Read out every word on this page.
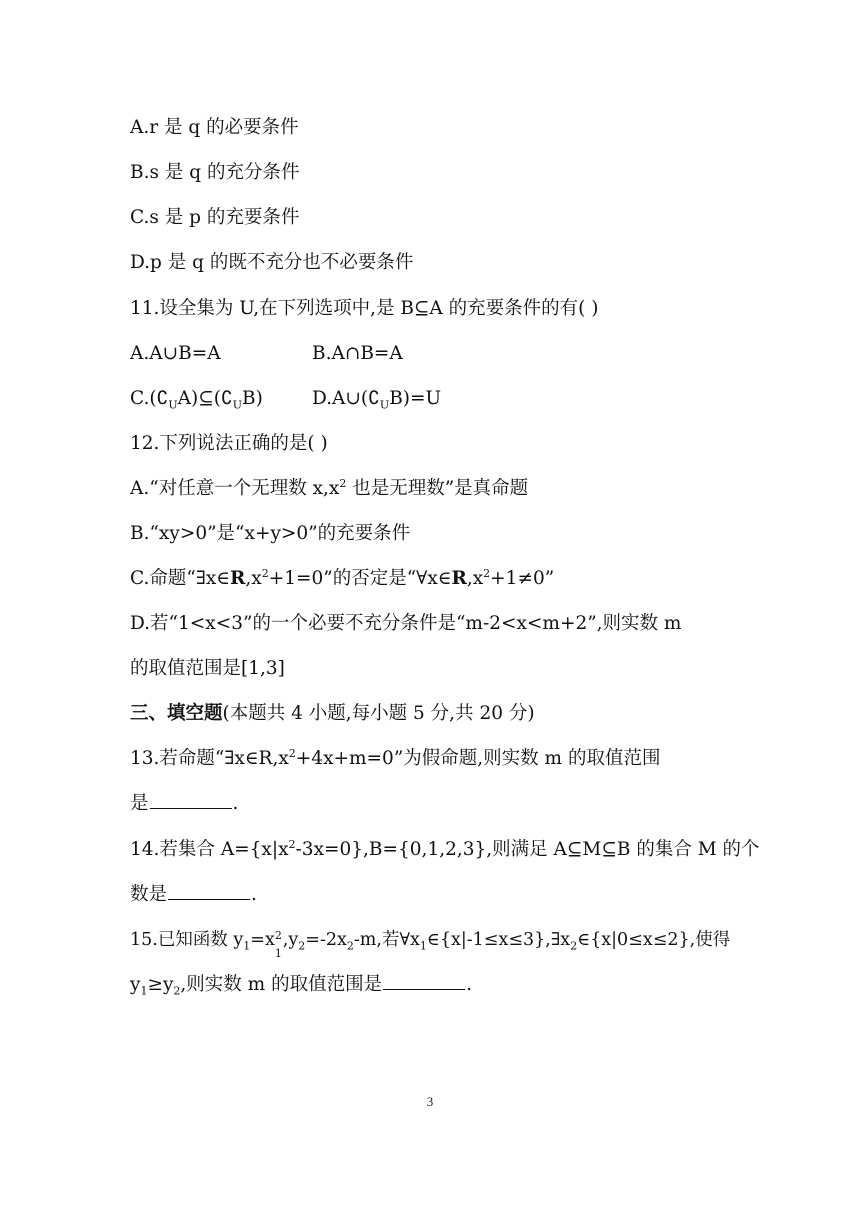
A.r 是 q 的必要条件
B.s 是 q 的充分条件
C.s 是 p 的充要条件
D.p 是 q 的既不充分也不必要条件
11.设全集为 U,在下列选项中,是 B⊆A 的充要条件的有( )
A.A∪B=A	B.A∩B=A
$C.(∁_UA)⊆(∁_UB)$	$D.A\cup(∁_UB)=U$
12.下列说法正确的是( )
A.“对任意一个无理数 $x,x^2$ 也是无理数”是真命题
B.“xy>0”是“x+y>0”的充要条件
C.命题“$\exists x\in R,x^2+1=0$”的否定是“$\forall x\in R,x^2+1\ne 0$”
D.若“1<x<3”的一个必要不充分条件是“m-2<x<m+2”,则实数 m
的取值范围是[1,3]
三、填空题(本题共 4 小题,每小题 5 分,共 20 分)
13.若命题“$\exists x\in R,x^2+4x+m=0$”为假命题,则实数 m 的取值范围
是	.
14.若集合 $A=\{x|x^2-3x=0\},B=\{0,1,2,3\}$,则满足 A⊆M⊆B 的集合 M 的个
数是	.
15.已知函数 $y_1=x$ 2
1
$,y_2=-2x_2-m$,若$\forall x_1\in\{x|-1\le x\le 3\},\exists x_2\in\{x|0\le x\le 2\}$,使得
$y_1\ge y_2$,则实数 m 的取值范围是	.
3
